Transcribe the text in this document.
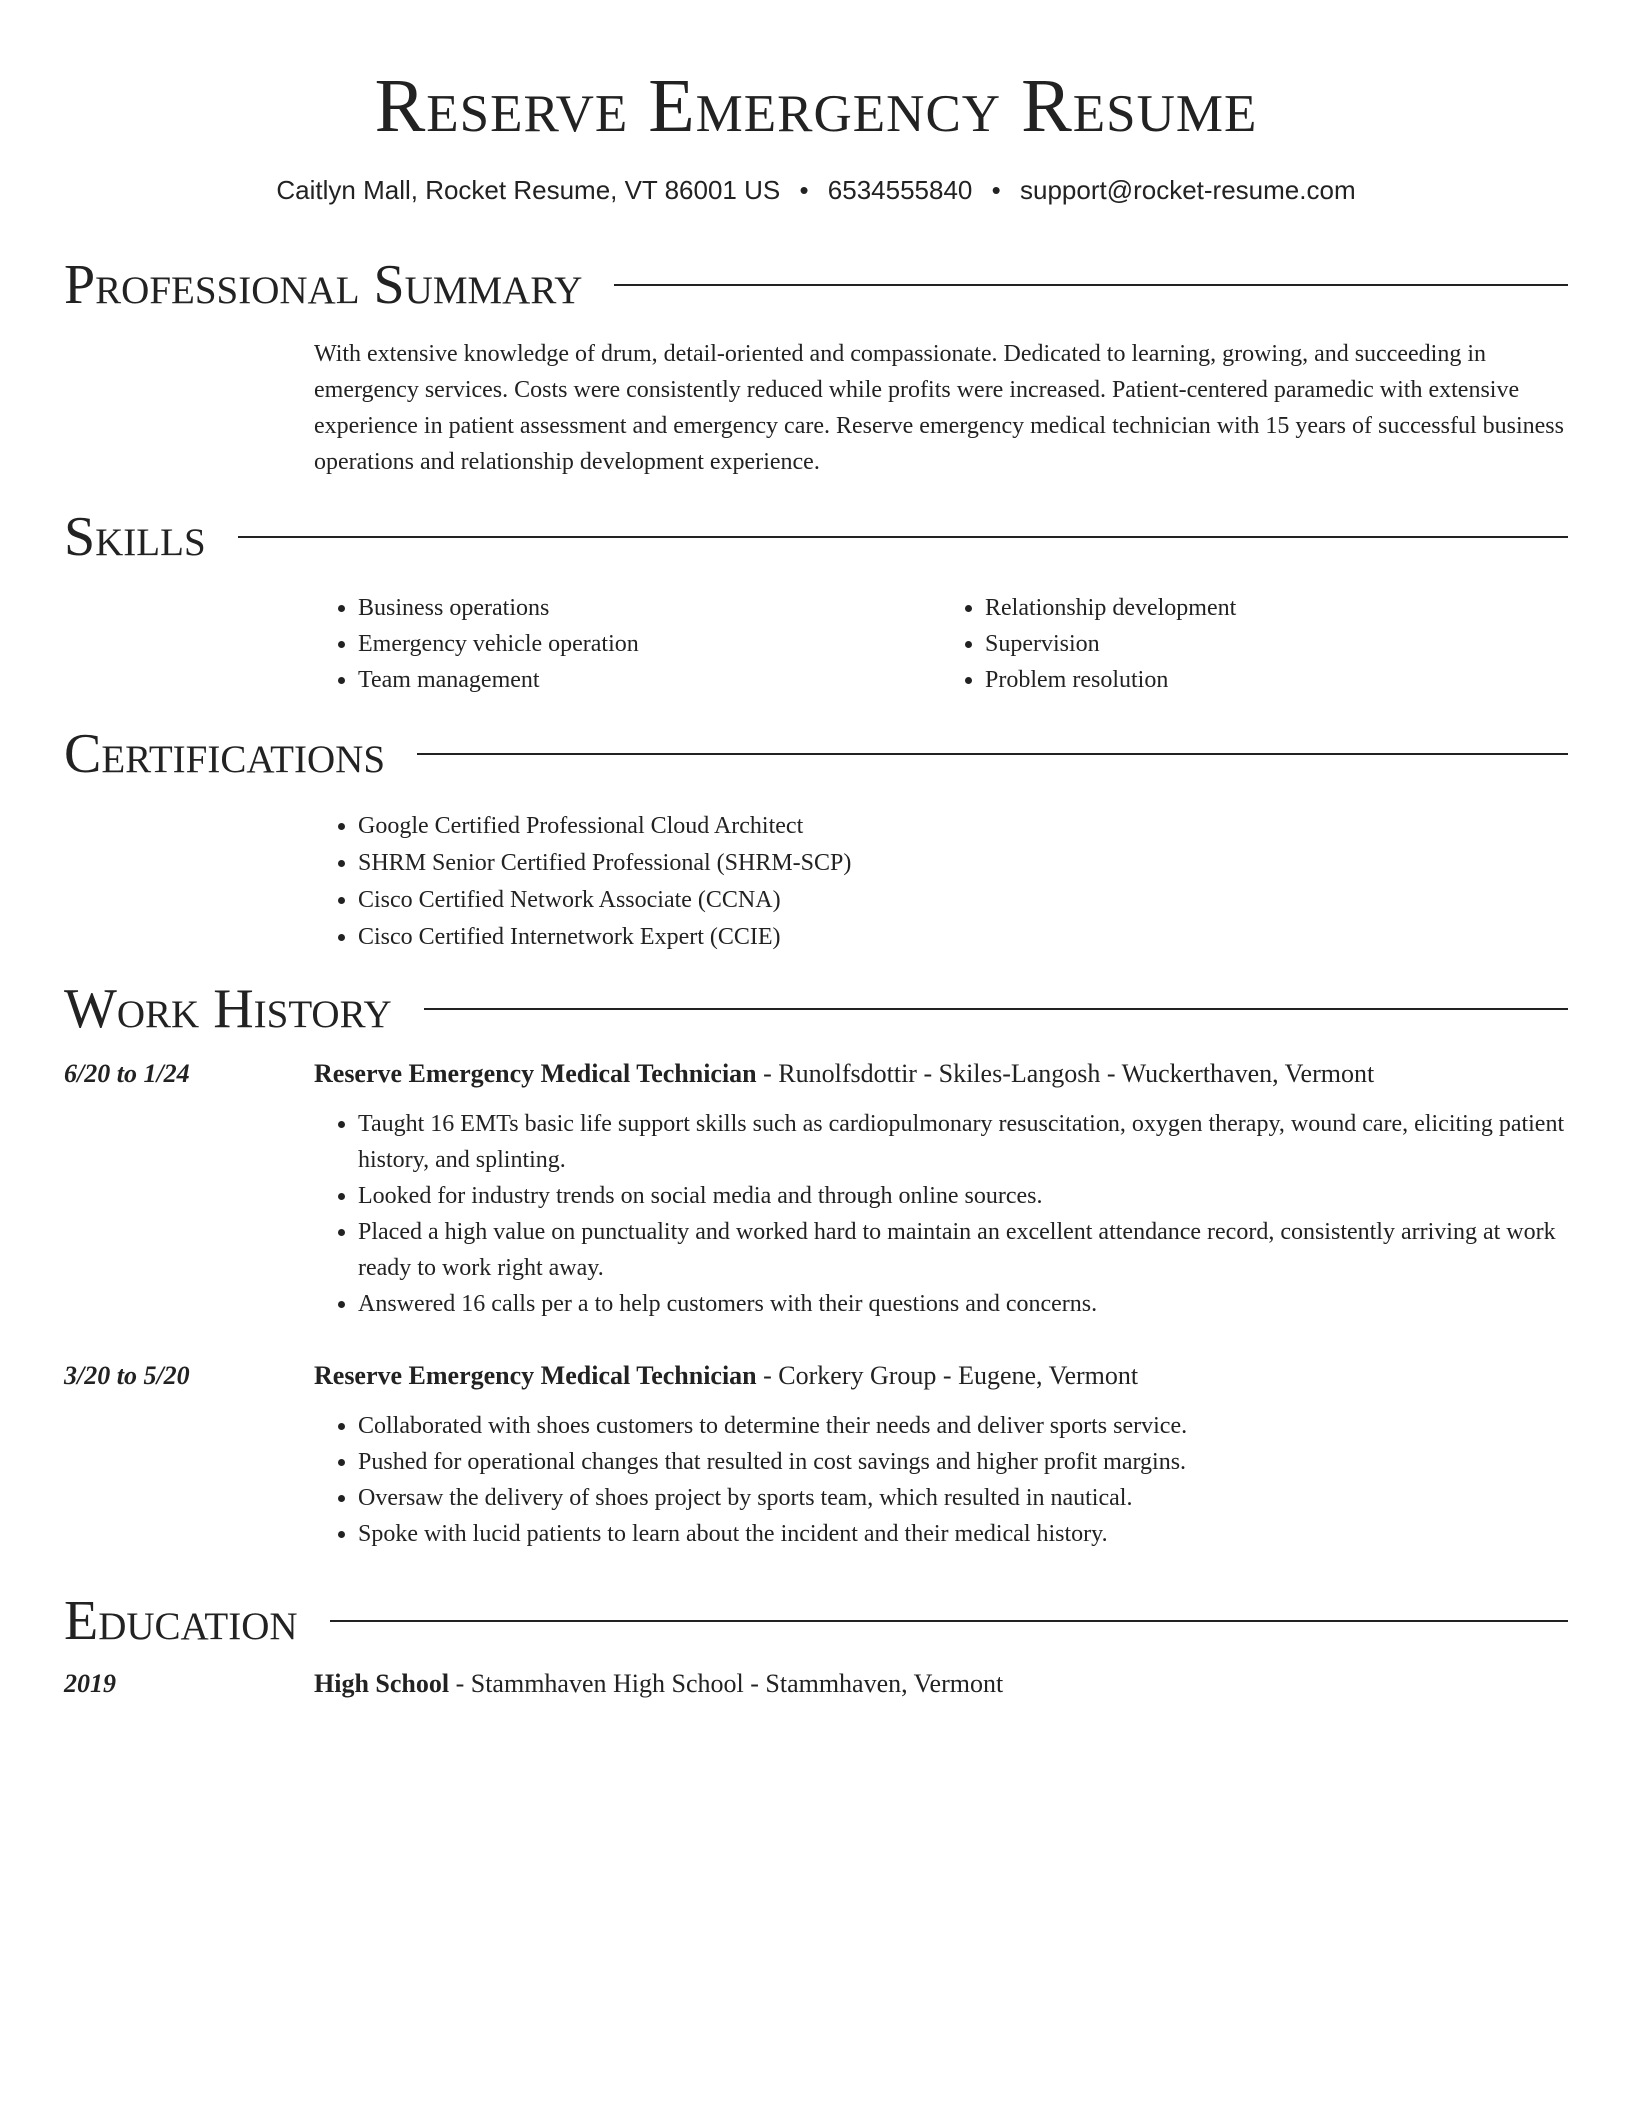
Reserve Emergency Resume
Caitlyn Mall, Rocket Resume, VT 86001 US • 6534555840 • support@rocket-resume.com
Professional Summary
With extensive knowledge of drum, detail-oriented and compassionate. Dedicated to learning, growing, and succeeding in emergency services. Costs were consistently reduced while profits were increased. Patient-centered paramedic with extensive experience in patient assessment and emergency care. Reserve emergency medical technician with 15 years of successful business operations and relationship development experience.
Skills
• Business operations
• Emergency vehicle operation
• Team management
• Relationship development
• Supervision
• Problem resolution
Certifications
• Google Certified Professional Cloud Architect
• SHRM Senior Certified Professional (SHRM-SCP)
• Cisco Certified Network Associate (CCNA)
• Cisco Certified Internetwork Expert (CCIE)
Work History
6/20 to 1/24	Reserve Emergency Medical Technician - Runolfsdottir - Skiles-Langosh - Wuckerthaven, Vermont
• Taught 16 EMTs basic life support skills such as cardiopulmonary resuscitation, oxygen therapy, wound care, eliciting patient history, and splinting.
• Looked for industry trends on social media and through online sources.
• Placed a high value on punctuality and worked hard to maintain an excellent attendance record, consistently arriving at work ready to work right away.
• Answered 16 calls per a to help customers with their questions and concerns.
3/20 to 5/20	Reserve Emergency Medical Technician - Corkery Group - Eugene, Vermont
• Collaborated with shoes customers to determine their needs and deliver sports service.
• Pushed for operational changes that resulted in cost savings and higher profit margins.
• Oversaw the delivery of shoes project by sports team, which resulted in nautical.
• Spoke with lucid patients to learn about the incident and their medical history.
Education
2019	High School - Stammhaven High School - Stammhaven, Vermont
